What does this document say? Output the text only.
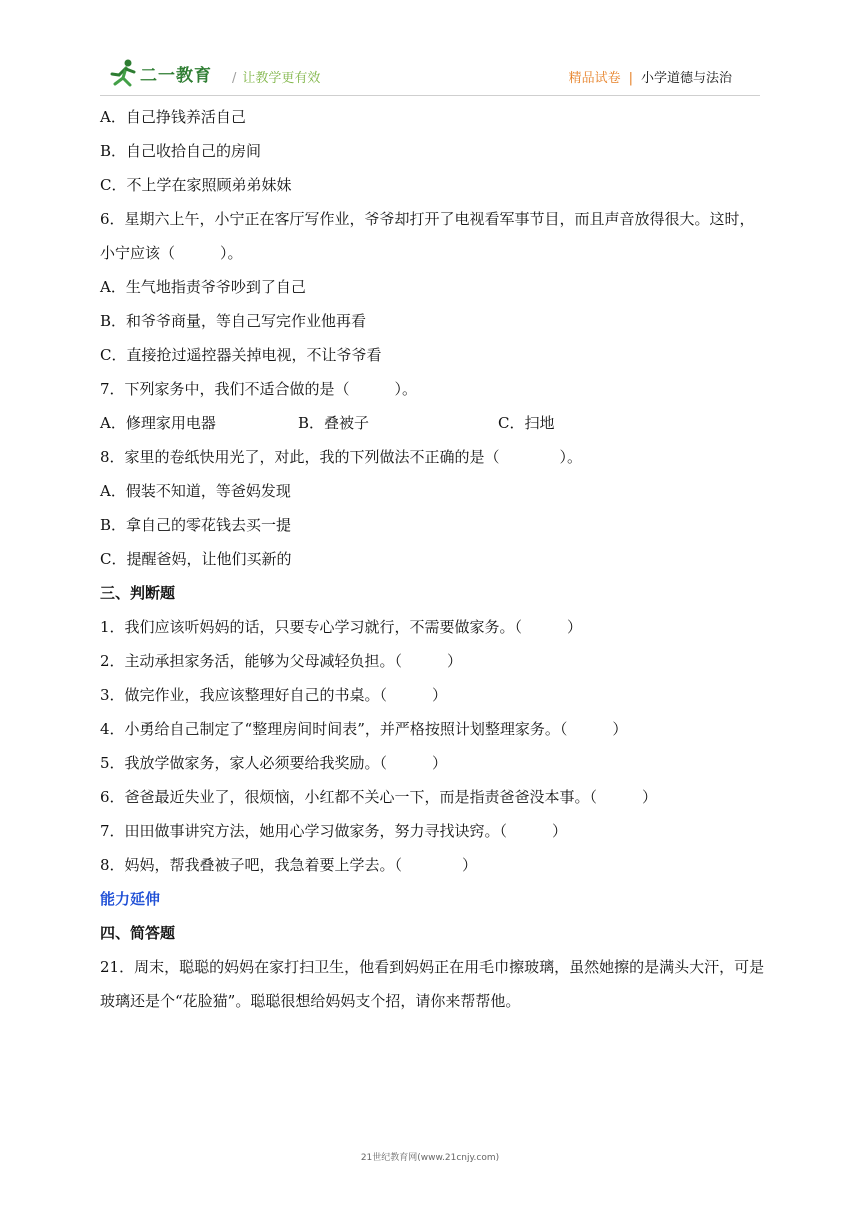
二一教育 / 让教学更有效	精品试卷 | 小学道德与法治
A．自己挣钱养活自己
B．自己收拾自己的房间
C．不上学在家照顾弟弟妹妹
6．星期六上午，小宁正在客厅写作业，爷爷却打开了电视看军事节目，而且声音放得很大。这时，小宁应该（　　　）。
A．生气地指责爷爷吵到了自己
B．和爷爷商量，等自己写完作业他再看
C．直接抢过遥控器关掉电视，不让爷爷看
7．下列家务中，我们不适合做的是（　　　）。
A．修理家用电器	B．叠被子	C．扫地
8．家里的卷纸快用光了，对此，我的下列做法不正确的是（　　　　）。
A．假装不知道，等爸妈发现
B．拿自己的零花钱去买一提
C．提醒爸妈，让他们买新的
三、判断题
1．我们应该听妈妈的话，只要专心学习就行，不需要做家务。（　　　）
2．主动承担家务活，能够为父母减轻负担。（　　　）
3．做完作业，我应该整理好自己的书桌。（　　　）
4．小勇给自己制定了“整理房间时间表”，并严格按照计划整理家务。（　　　）
5．我放学做家务，家人必须要给我奖励。（　　　）
6．爸爸最近失业了，很烦恼，小红都不关心一下，而是指责爸爸没本事。（　　　）
7．田田做事讲究方法，她用心学习做家务，努力寻找诀窍。（　　　）
8．妈妈，帮我叠被子吧，我急着要上学去。（　　　　）
能力延伸
四、简答题
21．周末，聪聪的妈妈在家打扫卫生，他看到妈妈正在用毛巾擦玻璃，虽然她擦的是满头大汗，可是玻璃还是个“花脸猫”。聪聪很想给妈妈支个招，请你来帮帮他。
21世纪教育网(www.21cnjy.com)
